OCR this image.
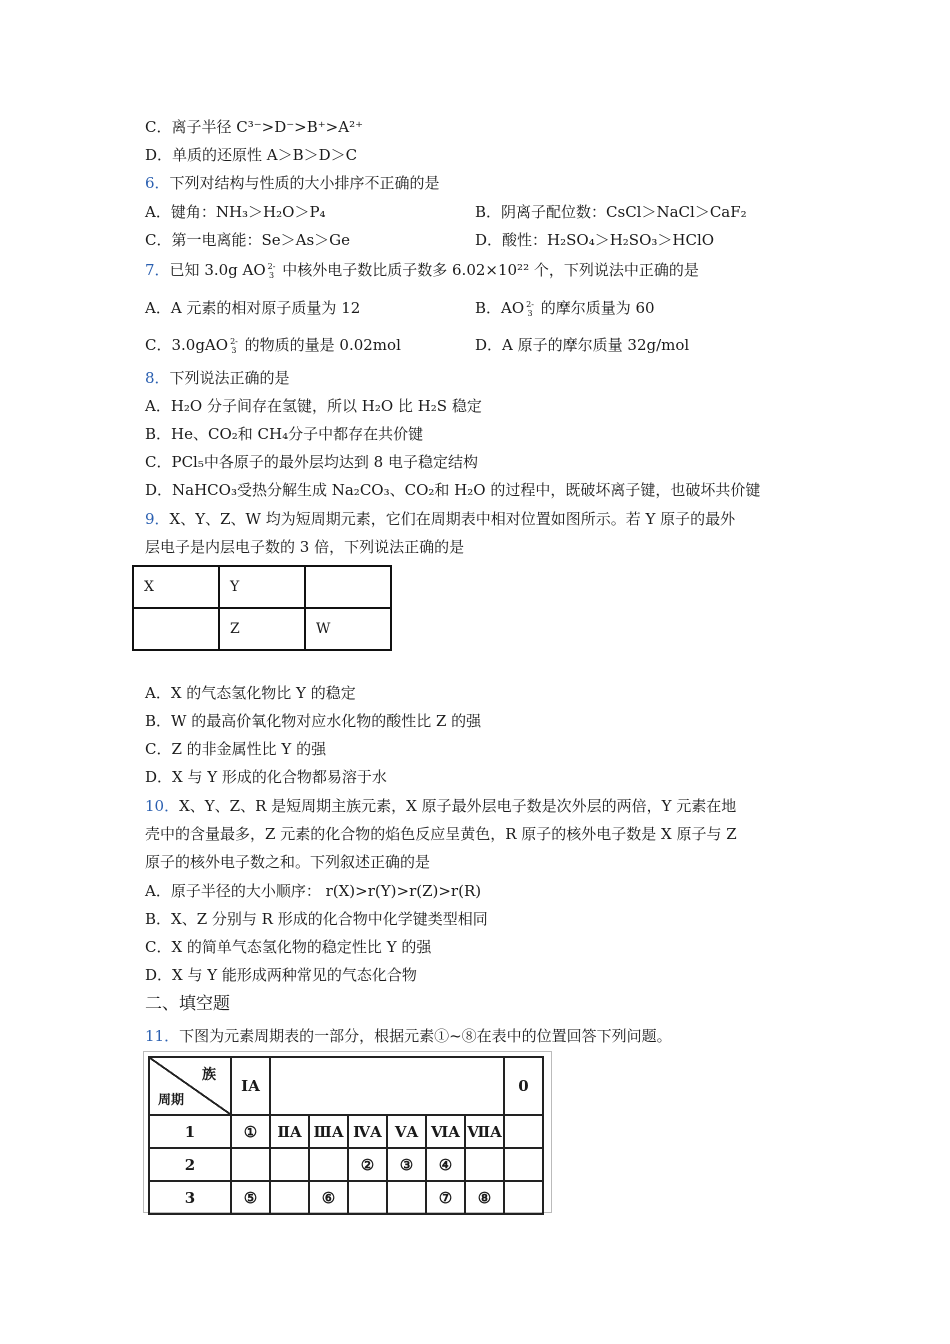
C．离子半径 C³⁻>D⁻>B⁺>A²⁺
D．单质的还原性 A＞B＞D＞C
6．下列对结构与性质的大小排序不正确的是
A．键角：NH₃＞H₂O＞P₄	B．阴离子配位数：CsCl＞NaCl＞CaF₂
C．第一电离能：Se＞As＞Ge	D．酸性：H₂SO₄＞H₂SO₃＞HClO
7．已知 3.0g AO 2-
3 中核外电子数比质子数多 6.02×10²² 个，下列说法中正确的是
A．A 元素的相对原子质量为 12	B．AO 2-
3 的摩尔质量为 60
C．3.0gAO 2-
3 的物质的量是 0.02mol	D．A 原子的摩尔质量 32g/mol
8．下列说法正确的是
A．H₂O 分子间存在氢键，所以 H₂O 比 H₂S 稳定
B．He、CO₂和 CH₄分子中都存在共价键
C．PCl₅中各原子的最外层均达到 8 电子稳定结构
D．NaHCO₃受热分解生成 Na₂CO₃、CO₂和 H₂O 的过程中，既破坏离子键，也破坏共价键
9．X、Y、Z、W 均为短周期元素，它们在周期表中相对位置如图所示。若 Y 原子的最外
层电子是内层电子数的 3 倍，下列说法正确的是
X	Y	
	Z	W
A．X 的气态氢化物比 Y 的稳定
B．W 的最高价氧化物对应水化物的酸性比 Z 的强
C．Z 的非金属性比 Y 的强
D．X 与 Y 形成的化合物都易溶于水
10．X、Y、Z、R 是短周期主族元素，X 原子最外层电子数是次外层的两倍，Y 元素在地
壳中的含量最多，Z 元素的化合物的焰色反应呈黄色，R 原子的核外电子数是 X 原子与 Z
原子的核外电子数之和。下列叙述正确的是
A．原子半径的大小顺序： r(X)>r(Y)>r(Z)>r(R)
B．X、Z 分别与 R 形成的化合物中化学键类型相同
C．X 的简单气态氢化物的稳定性比 Y 的强
D．X 与 Y 能形成两种常见的气态化合物
二、填空题
11．下图为元素周期表的一部分，根据元素①~⑧在表中的位置回答下列问题。
族
周期	ⅠA							0
1	①	ⅡA	ⅢA	ⅣA	ⅤA	ⅥA	ⅦA	
2				②	③	④		
3	⑤		⑥			⑦	⑧	
